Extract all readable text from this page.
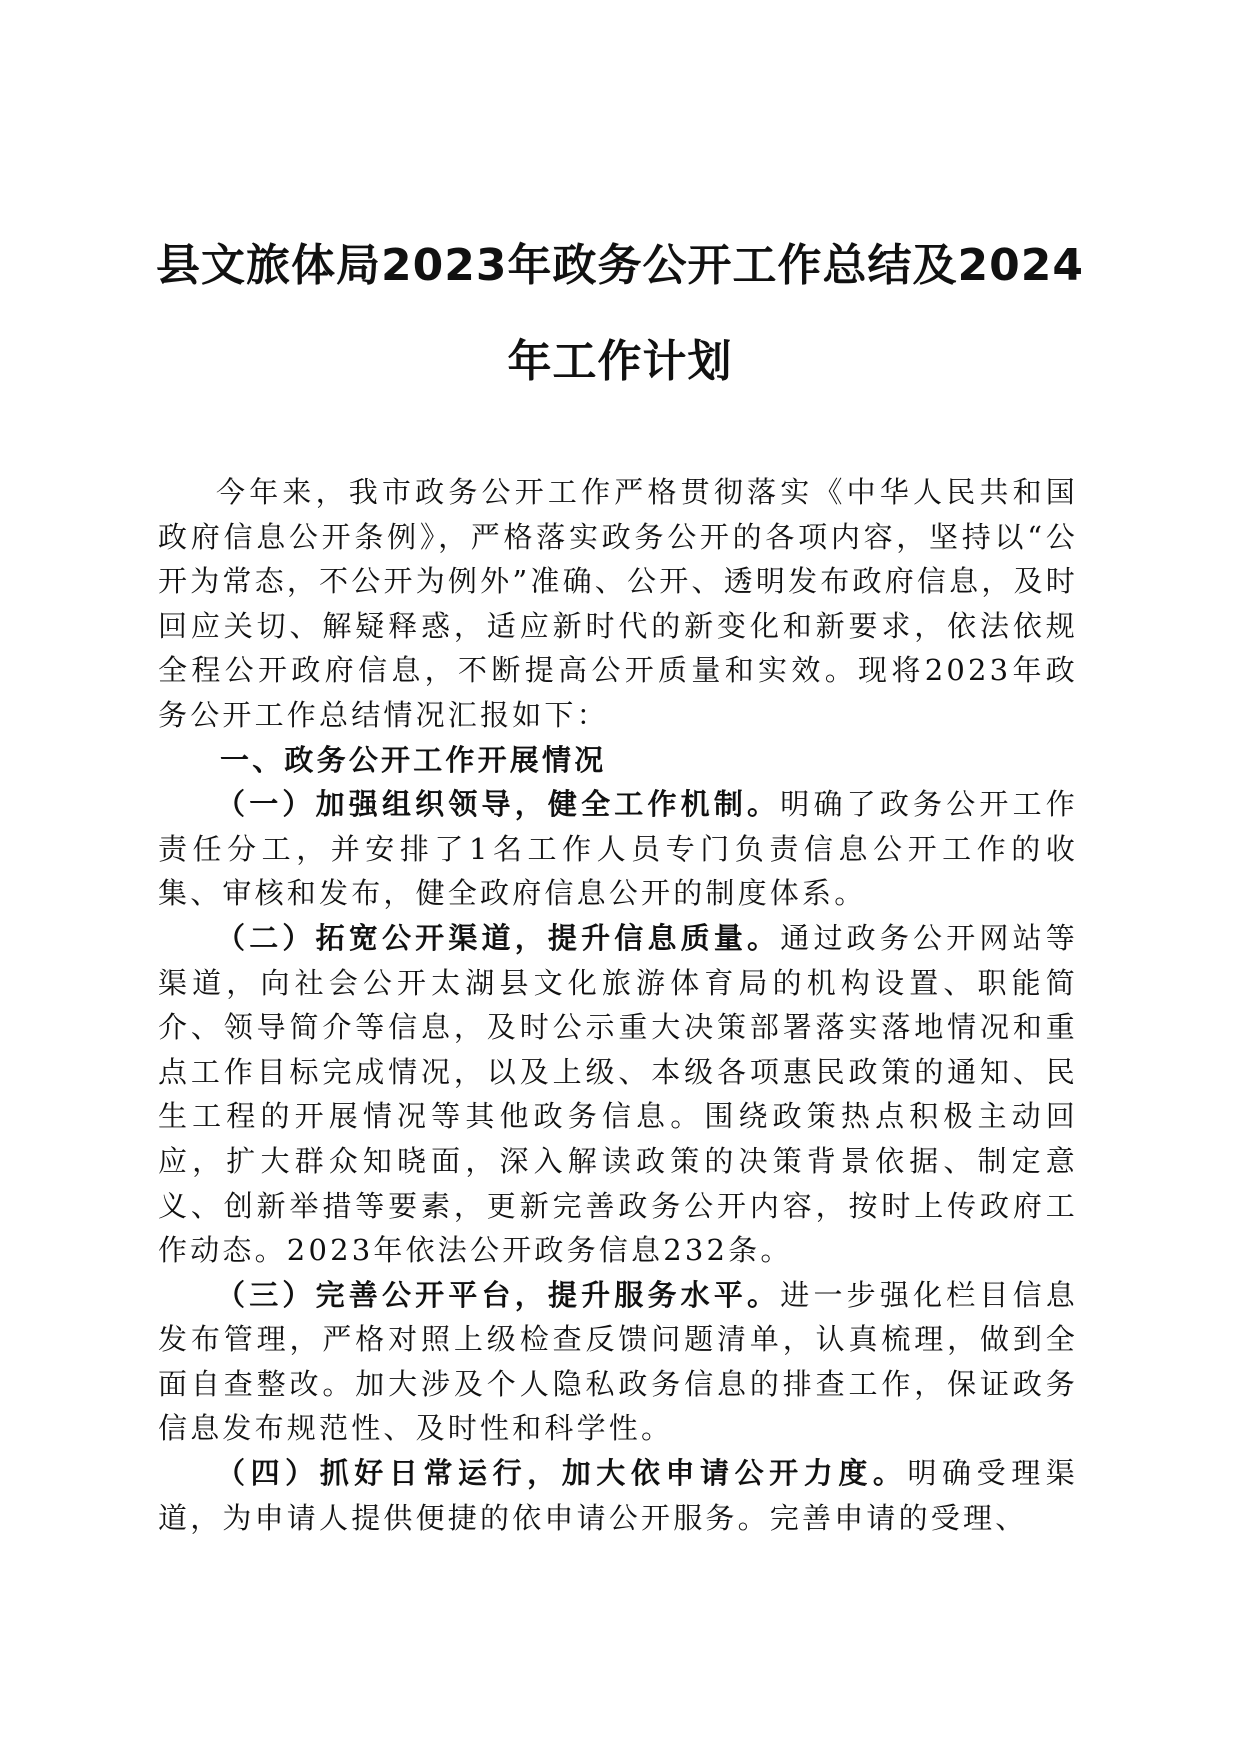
县文旅体局2023年政务公开工作总结及2024年工作计划

今年来，我市政务公开工作严格贯彻落实《中华人民共和国政府信息公开条例》，严格落实政务公开的各项内容，坚持以“公开为常态，不公开为例外”准确、公开、透明发布政府信息，及时回应关切、解疑释惑，适应新时代的新变化和新要求，依法依规全程公开政府信息，不断提高公开质量和实效。现将2023年政务公开工作总结情况汇报如下：

一、政务公开工作开展情况

（一）加强组织领导，健全工作机制。明确了政务公开工作责任分工，并安排了1名工作人员专门负责信息公开工作的收集、审核和发布，健全政府信息公开的制度体系。

（二）拓宽公开渠道，提升信息质量。通过政务公开网站等渠道，向社会公开太湖县文化旅游体育局的机构设置、职能简介、领导简介等信息，及时公示重大决策部署落实落地情况和重点工作目标完成情况，以及上级、本级各项惠民政策的通知、民生工程的开展情况等其他政务信息。围绕政策热点积极主动回应，扩大群众知晓面，深入解读政策的决策背景依据、制定意义、创新举措等要素，更新完善政务公开内容，按时上传政府工作动态。2023年依法公开政务信息232条。

（三）完善公开平台，提升服务水平。进一步强化栏目信息发布管理，严格对照上级检查反馈问题清单，认真梳理，做到全面自查整改。加大涉及个人隐私政务信息的排查工作，保证政务信息发布规范性、及时性和科学性。

（四）抓好日常运行，加大依申请公开力度。明确受理渠道，为申请人提供便捷的依申请公开服务。完善申请的受理、
